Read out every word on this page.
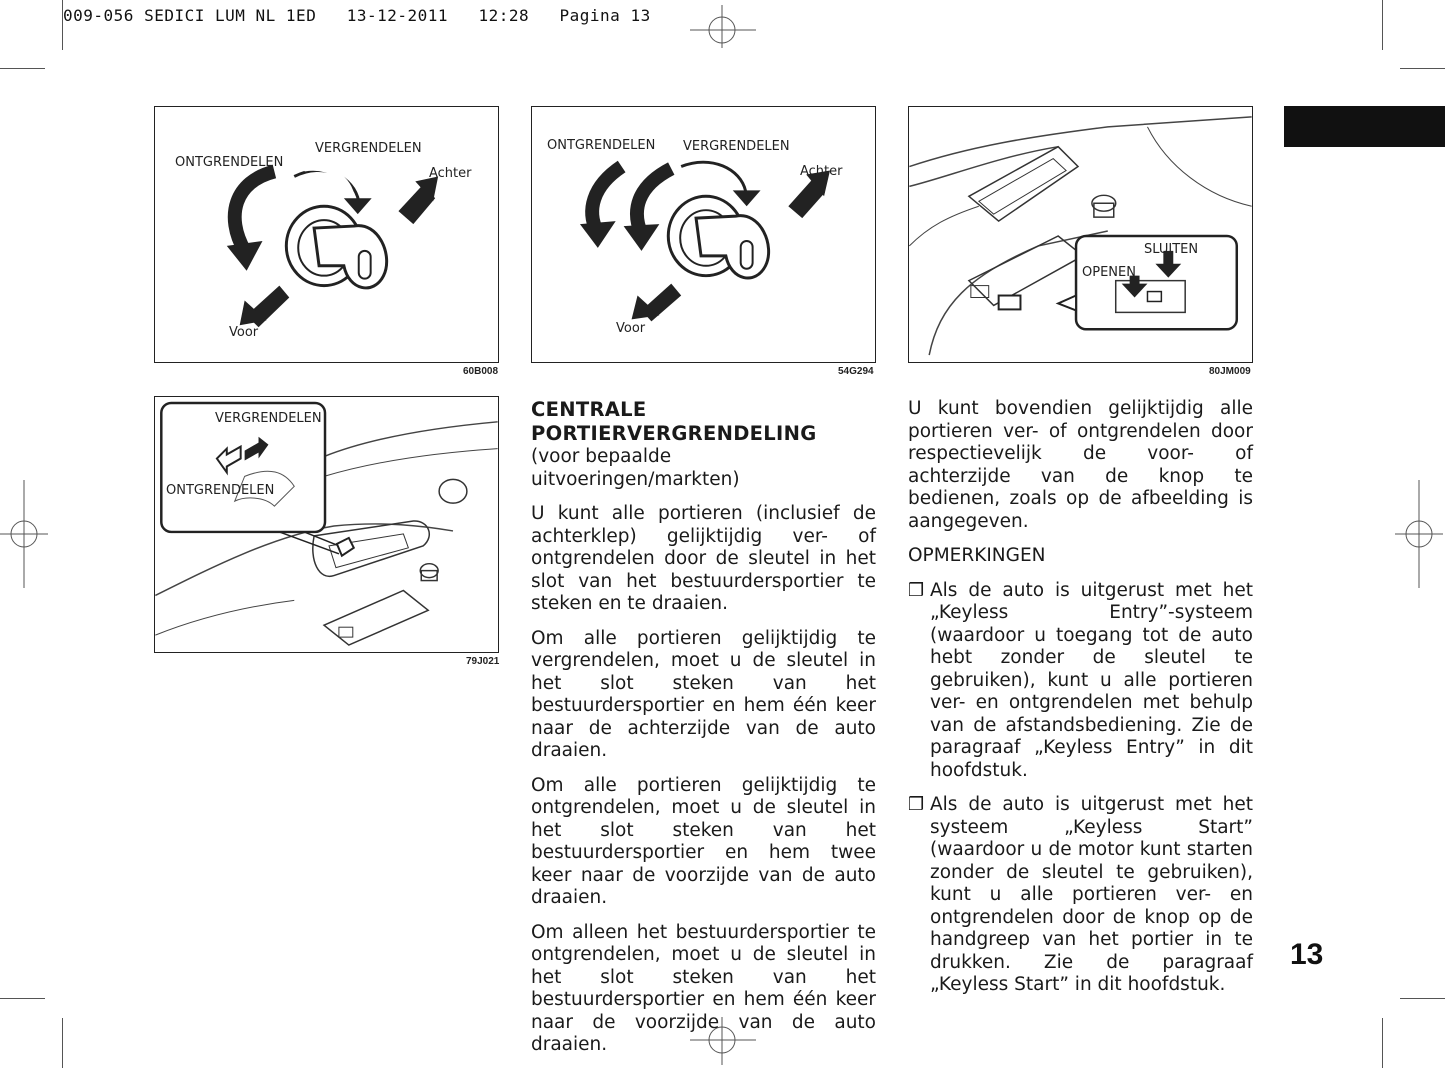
009-056 SEDICI LUM NL 1ED   13-12-2011   12:28   Pagina 13
ONTGRENDELEN
VERGRENDELEN
Achter
Voor
60B008
ONTGRENDELEN VERGRENDELEN
Achter
Voor
54G294
SLUITEN
OPENEN
80JM009
VERGRENDELEN
ONTGRENDELEN
79J021
CENTRALE
PORTIERVERGRENDELING
(voor bepaalde uitvoeringen/markten)

U kunt alle portieren (inclusief de achterklep) gelijktijdig ver- of ontgrendelen door de sleutel in het slot van het bestuurdersportier te steken en te draaien.

Om alle portieren gelijktijdig te vergrendelen, moet u de sleutel in het slot steken van het bestuurdersportier en hem één keer naar de achterzijde van de auto draaien.

Om alle portieren gelijktijdig te ontgrendelen, moet u de sleutel in het slot steken van het bestuurdersportier en hem twee keer naar de voorzijde van de auto draaien.

Om alleen het bestuurdersportier te ontgrendelen, moet u de sleutel in het slot steken van het bestuurdersportier en hem één keer naar de voorzijde van de auto draaien.

U kunt bovendien gelijktijdig alle portieren ver- of ontgrendelen door respectievelijk de voor- of achterzijde van de knop te bedienen, zoals op de afbeelding is aangegeven.

OPMERKINGEN
❒ Als de auto is uitgerust met het „Keyless Entry”-systeem (waardoor u toegang tot de auto hebt zonder de sleutel te gebruiken), kunt u alle portieren ver- en ontgrendelen met behulp van de afstandsbediening. Zie de paragraaf „Keyless Entry” in dit hoofdstuk.
❒ Als de auto is uitgerust met het systeem „Keyless Start” (waardoor u de motor kunt starten zonder de sleutel te gebruiken), kunt u alle portieren ver- en ontgrendelen door de knop op de handgreep van het portier in te drukken. Zie de paragraaf „Keyless Start” in dit hoofdstuk.
13
